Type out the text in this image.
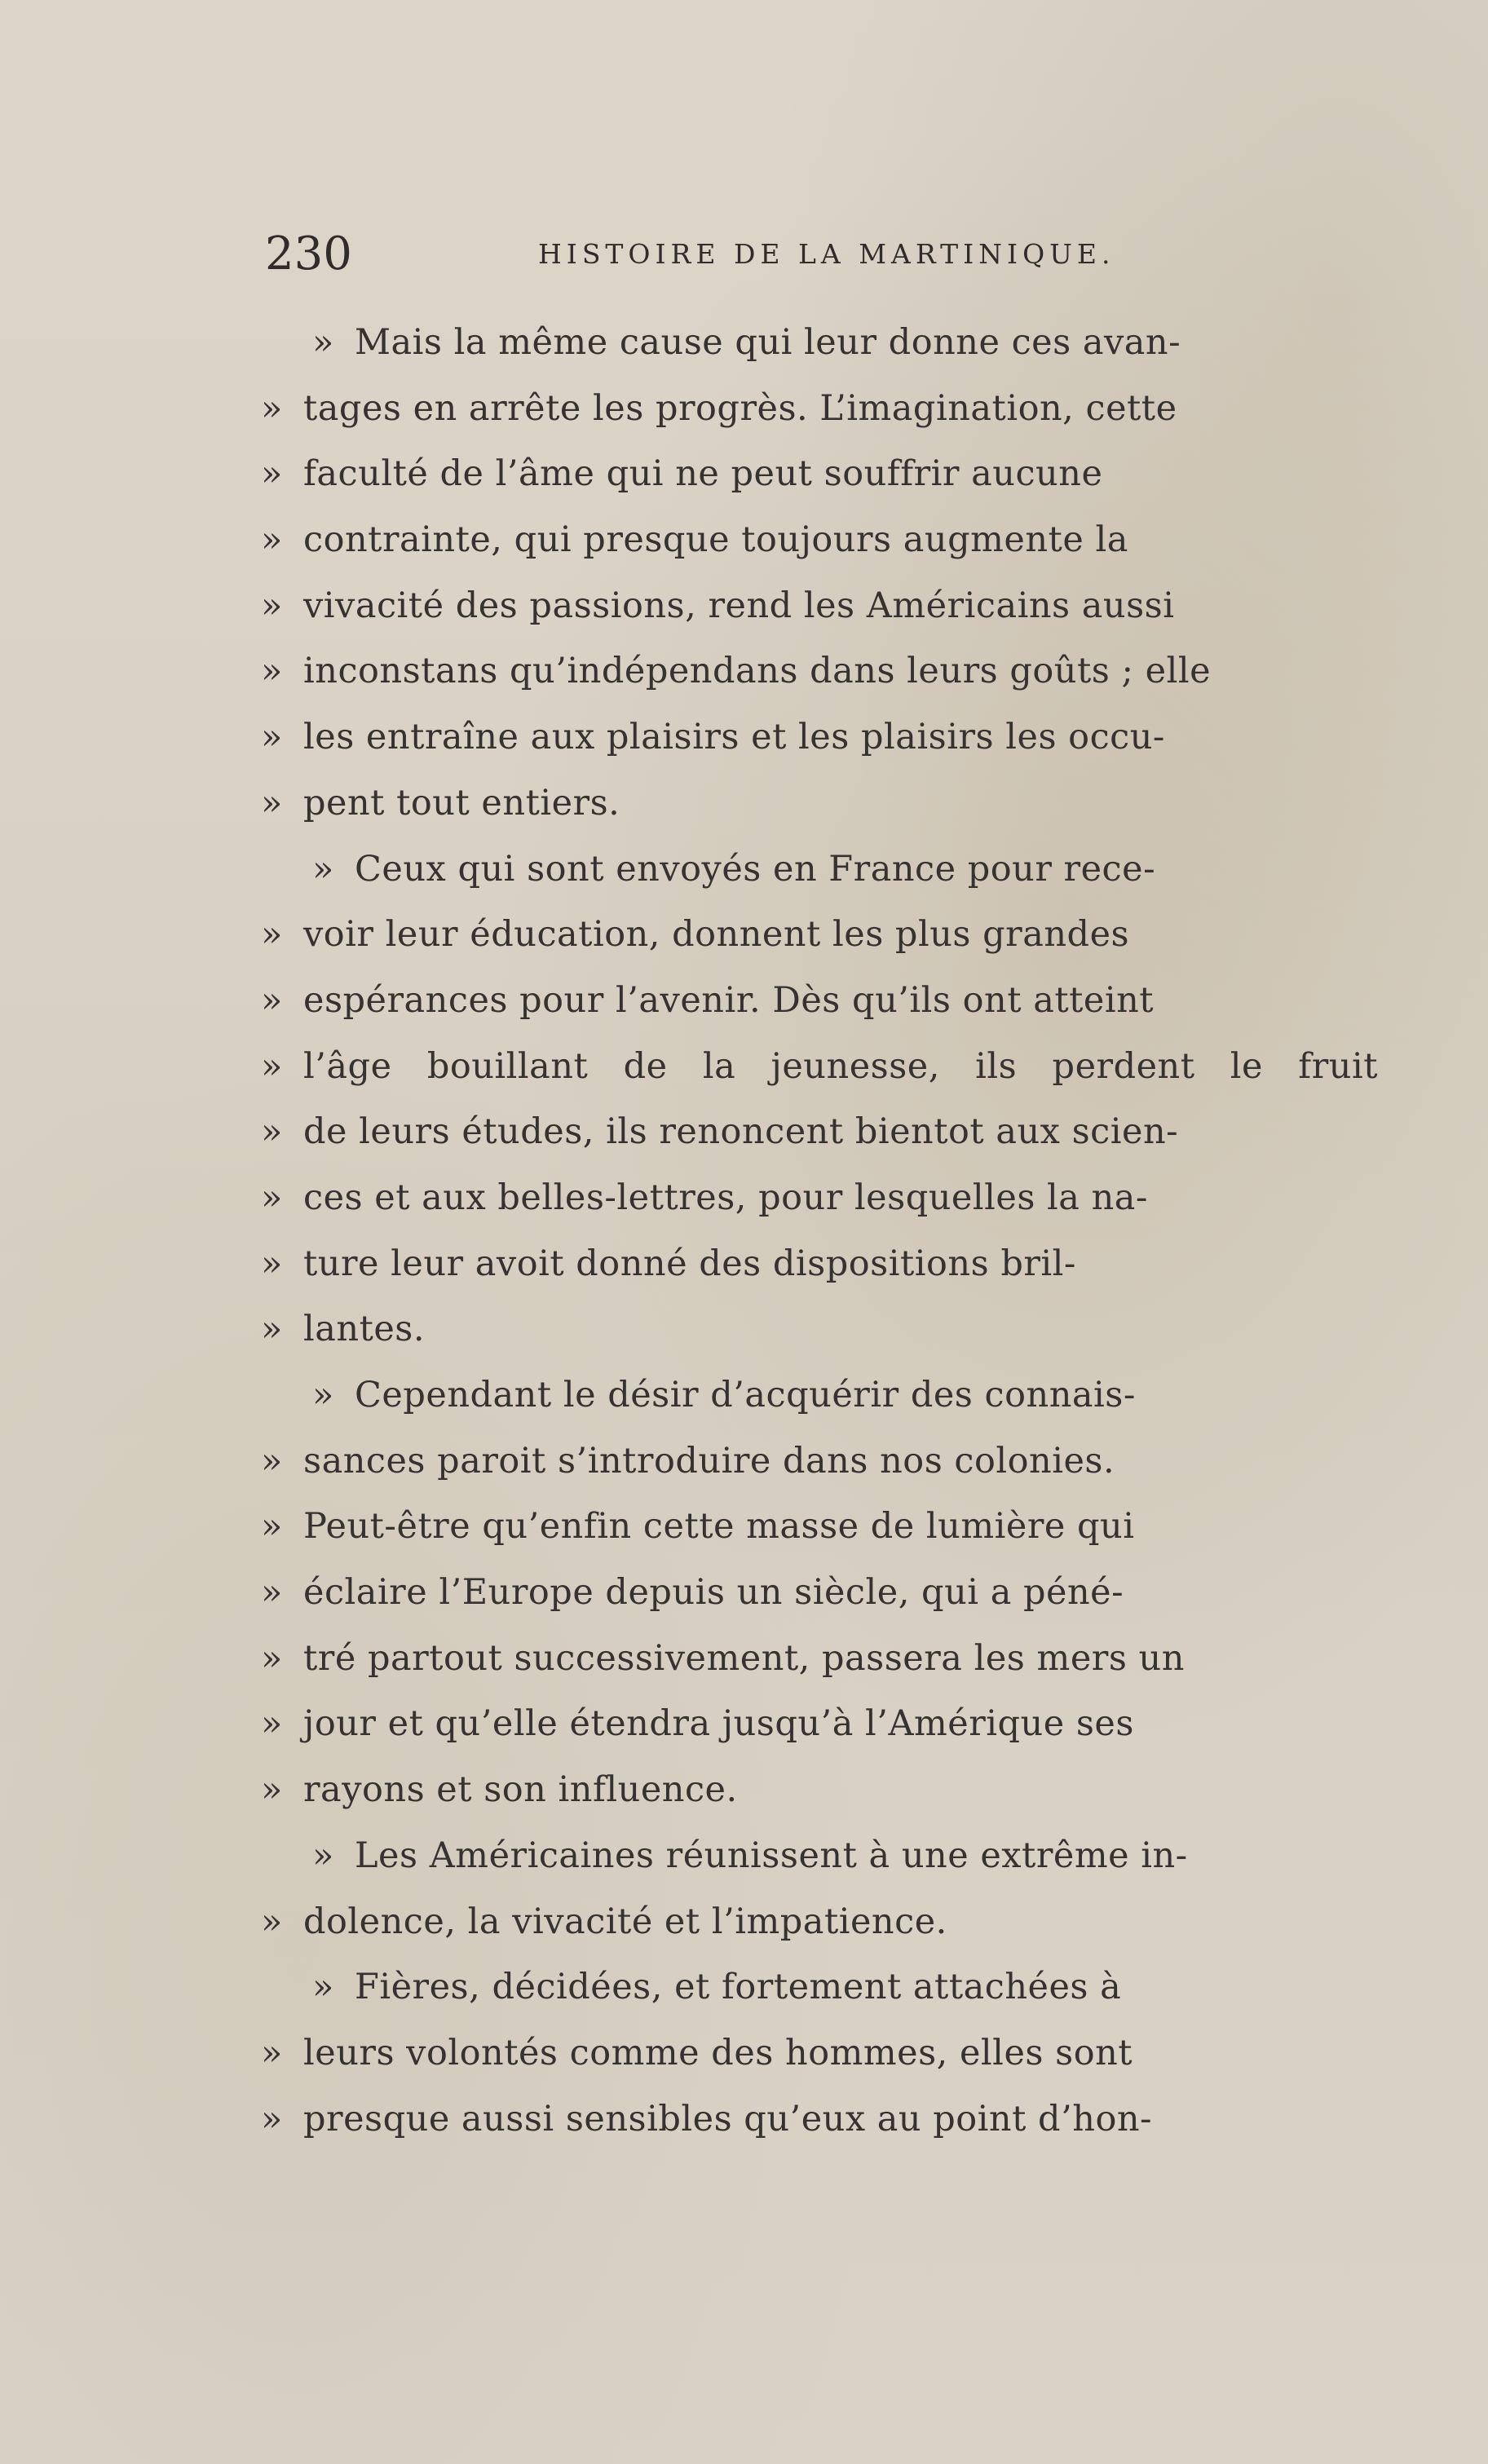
230	HISTOIRE DE LA MARTINIQUE.
» Mais la même cause qui leur donne ces avan-
» tages en arrête les progrès. L’imagination, cette
» faculté de l’âme qui ne peut souffrir aucune
» contrainte, qui presque toujours augmente la
» vivacité des passions, rend les Américains aussi
» inconstans qu’indépendans dans leurs goûts ; elle
» les entraîne aux plaisirs et les plaisirs les occu-
» pent tout entiers.
» Ceux qui sont envoyés en France pour rece-
» voir leur éducation, donnent les plus grandes
» espérances pour l’avenir. Dès qu’ils ont atteint
» l’âge bouillant de la jeunesse, ils perdent le fruit
» de leurs études, ils renoncent bientot aux scien-
» ces et aux belles-lettres, pour lesquelles la na-
» ture leur avoit donné des dispositions bril-
» lantes.
» Cependant le désir d’acquérir des connais-
» sances paroit s’introduire dans nos colonies.
» Peut-être qu’enfin cette masse de lumière qui
» éclaire l’Europe depuis un siècle, qui a péné-
» tré partout successivement, passera les mers un
» jour et qu’elle étendra jusqu’à l’Amérique ses
» rayons et son influence.
» Les Américaines réunissent à une extrême in-
» dolence, la vivacité et l’impatience.
» Fières, décidées, et fortement attachées à
» leurs volontés comme des hommes, elles sont
» presque aussi sensibles qu’eux au point d’hon-
